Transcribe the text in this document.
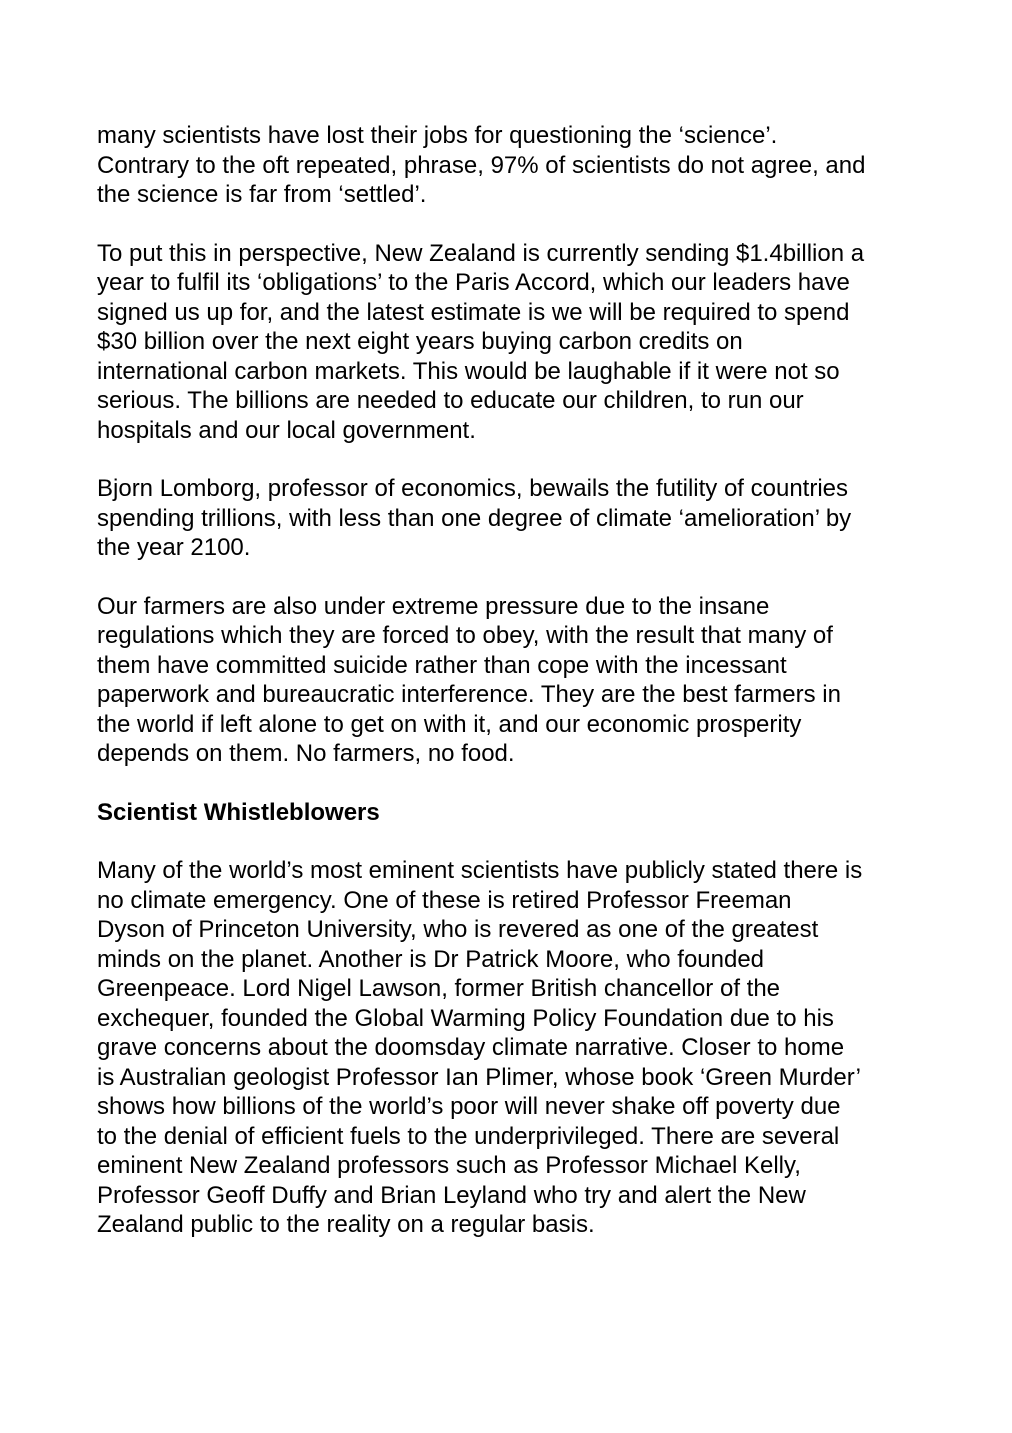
many scientists have lost their jobs for questioning the ‘science’.
Contrary to the oft repeated, phrase, 97% of scientists do not agree, and
the science is far from ‘settled’.
To put this in perspective, New Zealand is currently sending $1.4billion a
year to fulfil its ‘obligations’ to the Paris Accord, which our leaders have
signed us up for, and the latest estimate is we will be required to spend
$30 billion over the next eight years buying carbon credits on
international carbon markets. This would be laughable if it were not so
serious. The billions are needed to educate our children, to run our
hospitals and our local government.
Bjorn Lomborg, professor of economics, bewails the futility of countries
spending trillions, with less than one degree of climate ‘amelioration’ by
the year 2100.
Our farmers are also under extreme pressure due to the insane
regulations which they are forced to obey, with the result that many of
them have committed suicide rather than cope with the incessant
paperwork and bureaucratic interference. They are the best farmers in
the world if left alone to get on with it, and our economic prosperity
depends on them. No farmers, no food.
Scientist Whistleblowers
Many of the world’s most eminent scientists have publicly stated there is
no climate emergency. One of these is retired Professor Freeman
Dyson of Princeton University, who is revered as one of the greatest
minds on the planet. Another is Dr Patrick Moore, who founded
Greenpeace. Lord Nigel Lawson, former British chancellor of the
exchequer, founded the Global Warming Policy Foundation due to his
grave concerns about the doomsday climate narrative. Closer to home
is Australian geologist Professor Ian Plimer, whose book ‘Green Murder’
shows how billions of the world’s poor will never shake off poverty due
to the denial of efficient fuels to the underprivileged. There are several
eminent New Zealand professors such as Professor Michael Kelly,
Professor Geoff Duffy and Brian Leyland who try and alert the New
Zealand public to the reality on a regular basis.
